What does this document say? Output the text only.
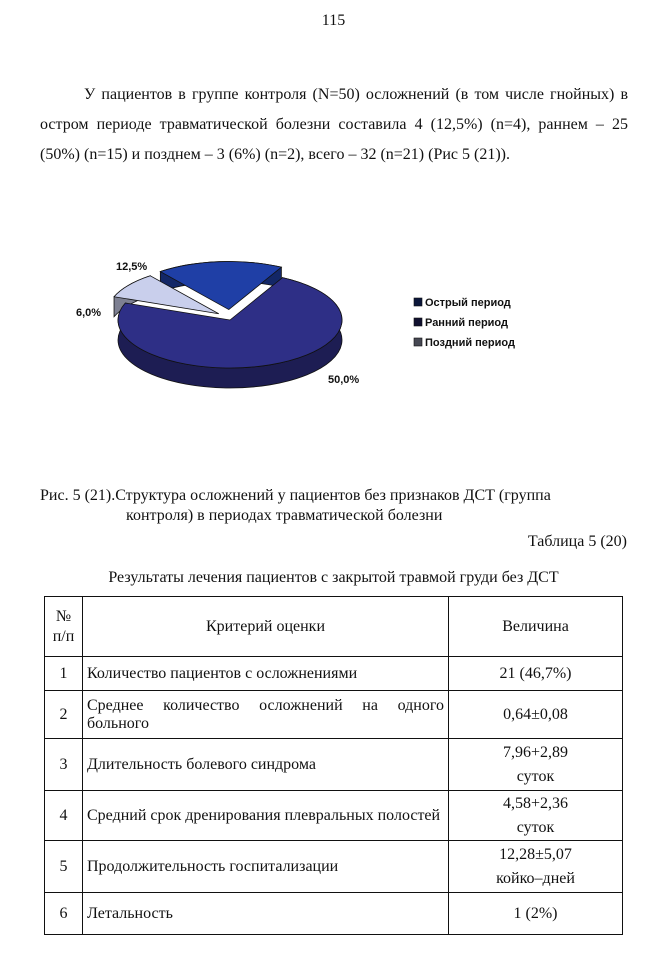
115

У пациентов в группе контроля (N=50) осложнений (в том числе гнойных) в остром периоде травматической болезни составила 4 (12,5%) (n=4), раннем – 25 (50%) (n=15) и позднем – 3 (6%) (n=2), всего – 32 (n=21) (Рис 5 (21)).

50,0%
6,0%
12,5%
Острый период
Ранний период
Поздний период
Рис. 5 (21).Структура осложнений у пациентов без признаков ДСТ (группа
контроля) в периодах травматической болезни
Таблица 5 (20)
Результаты лечения пациентов с закрытой травмой груди без ДСТ
№ п/п	Критерий оценки	Величина
1	Количество пациентов с осложнениями	21 (46,7%)
2	Среднее количество осложнений на одного больного	0,64±0,08
3	Длительность болевого синдрома	7,96+2,89
суток

4	Средний срок дренирования плевральных полостей	4,58+2,36
суток

5	Продолжительность госпитализации	12,28±5,07
койко–дней

6	Летальность	1 (2%)
